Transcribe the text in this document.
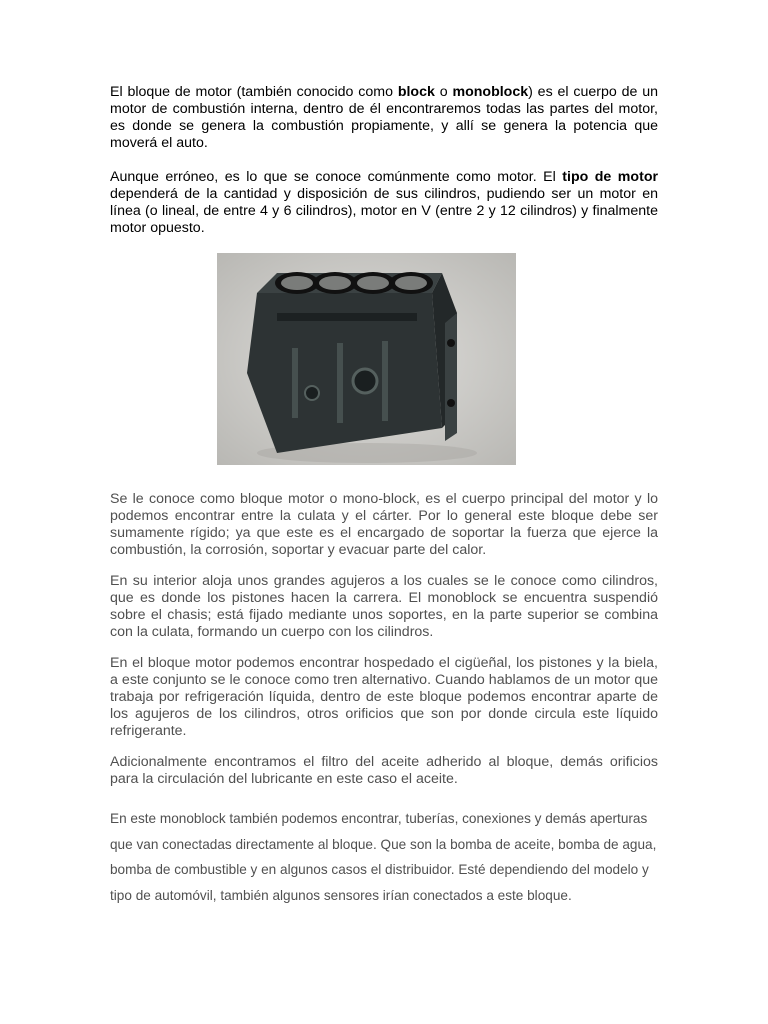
El bloque de motor (también conocido como block o monoblock) es el cuerpo de un motor de combustión interna, dentro de él encontraremos todas las partes del motor, es donde se genera la combustión propiamente, y allí se genera la potencia que moverá el auto.

Aunque erróneo, es lo que se conoce comúnmente como motor. El tipo de motor dependerá de la cantidad y disposición de sus cilindros, pudiendo ser un motor en línea (o lineal, de entre 4 y 6 cilindros), motor en V (entre 2 y 12 cilindros) y finalmente motor opuesto.

Se le conoce como bloque motor o mono-block, es el cuerpo principal del motor y lo podemos encontrar entre la culata y el cárter. Por lo general este bloque debe ser sumamente rígido; ya que este es el encargado de soportar la fuerza que ejerce la combustión, la corrosión, soportar y evacuar parte del calor.

En su interior aloja unos grandes agujeros a los cuales se le conoce como cilindros, que es donde los pistones hacen la carrera. El monoblock se encuentra suspendió sobre el chasis; está fijado mediante unos soportes, en la parte superior se combina con la culata, formando un cuerpo con los cilindros.

En el bloque motor podemos encontrar hospedado el cigüeñal, los pistones y la biela, a este conjunto se le conoce como tren alternativo. Cuando hablamos de un motor que trabaja por refrigeración líquida, dentro de este bloque podemos encontrar aparte de los agujeros de los cilindros, otros orificios que son por donde circula este líquido refrigerante.

Adicionalmente encontramos el filtro del aceite adherido al bloque, demás orificios para la circulación del lubricante en este caso el aceite.

En este monoblock también podemos encontrar, tuberías, conexiones y demás aperturas que van conectadas directamente al bloque. Que son la bomba de aceite, bomba de agua, bomba de combustible y en algunos casos el distribuidor. Esté dependiendo del modelo y tipo de automóvil, también algunos sensores irían conectados a este bloque.
